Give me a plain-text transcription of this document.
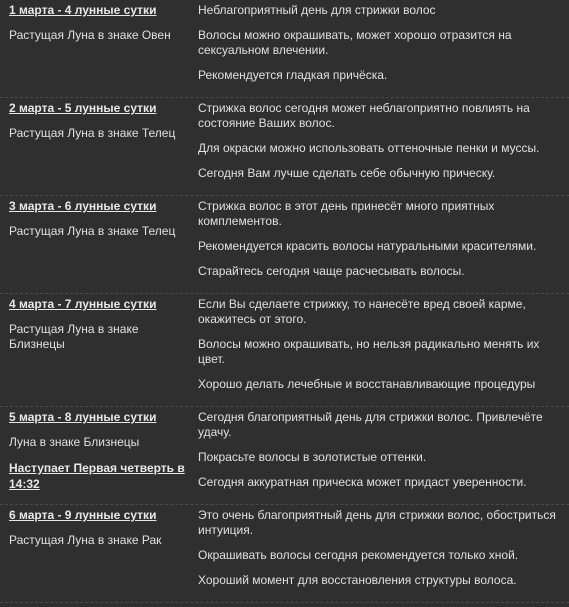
1 марта - 4 лунные сутки
Растущая Луна в знаке Овен

Неблагоприятный день для стрижки волос

Волосы можно окрашивать, может хорошо отразится на сексуальном влечении.

Рекомендуется гладкая причёска.

2 марта - 5 лунные сутки
Растущая Луна в знаке Телец

Стрижка волос сегодня может неблагоприятно повлиять на состояние Ваших волос.

Для окраски можно использовать оттеночные пенки и муссы.

Сегодня Вам лучше сделать себе обычную прическу.

3 марта - 6 лунные сутки
Растущая Луна в знаке Телец

Стрижка волос в этот день принесёт много приятных комплементов.

Рекомендуется красить волосы натуральными красителями.

Старайтесь сегодня чаще расчесывать волосы.

4 марта - 7 лунные сутки
Растущая Луна в знаке Близнецы

Если Вы сделаете стрижку, то нанесёте вред своей карме, окажитесь от этого.

Волосы можно окрашивать, но нельзя радикально менять их цвет.

Хорошо делать лечебные и восстанавливающие процедуры

5 марта - 8 лунные сутки
Луна в знаке Близнецы
Наступает Первая четверть в 14:32

Сегодня благоприятный день для стрижки волос. Привлечёте удачу.

Покрасьте волосы в золотистые оттенки.

Сегодня аккуратная прическа может придаст уверенности.

6 марта - 9 лунные сутки
Растущая Луна в знаке Рак

Это очень благоприятный день для стрижки волос, обостриться интуиция.

Окрашивать волосы сегодня рекомендуется только хной.

Хороший момент для восстановления структуры волоса.
